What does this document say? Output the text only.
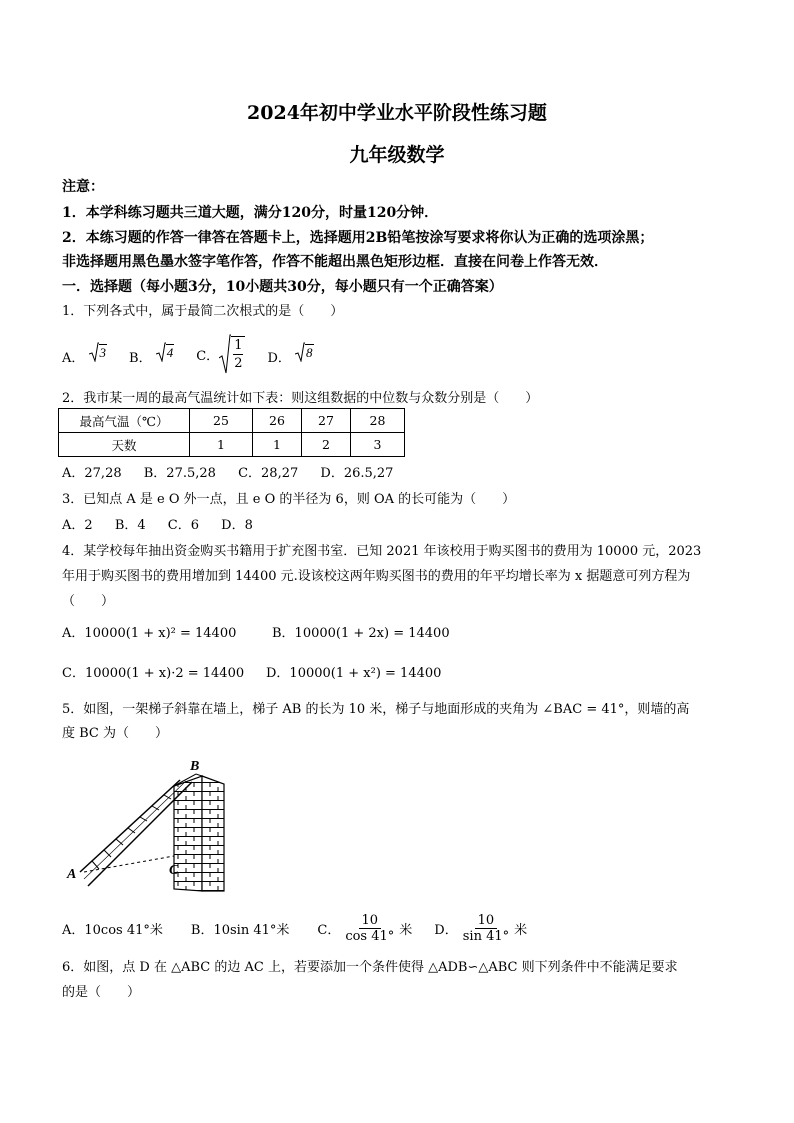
2024年初中学业水平阶段性练习题
九年级数学
注意：
1．本学科练习题共三道大题，满分120分，时量120分钟．
2．本练习题的作答一律答在答题卡上，选择题用2B铅笔按涂写要求将你认为正确的选项涂黑；
非选择题用黑色墨水签字笔作答，作答不能超出黑色矩形边框．直接在问卷上作答无效．
一．选择题（每小题3分，10小题共30分，每小题只有一个正确答案）
1．下列各式中，属于最简二次根式的是（　　）
A． 3 B． 4 C．
1
2 D． 8
2．我市某一周的最高气温统计如下表：则这组数据的中位数与众数分别是（　　）
最高气温（℃）	25	26	27	28
天数	1	1	2	3
A．27,28 B．27.5,28 C．28,27 D．26.5,27
3．已知点 A 是 e O 外一点，且 e O 的半径为 6，则 OA 的长可能为（　　）
A．2 B．4 C．6 D．8
4．某学校每年抽出资金购买书籍用于扩充图书室．已知 2021 年该校用于购买图书的费用为 10000 元，2023
年用于购买图书的费用增加到 14400 元.设该校这两年购买图书的费用的年平均增长率为 x 据题意可列方程为
（　　）
A．10000(1 + x)² = 14400	B．10000(1 + 2x) = 14400
C．10000(1 + x)·2 = 14400 D．10000(1 + x²) = 14400
5．如图，一架梯子斜靠在墙上，梯子 AB 的长为 10 米，梯子与地面形成的夹角为 ∠BAC = 41°，则墙的高
度 BC 为（　　）
A
B
C
A．10cos 41°米 B．10sin 41°米 C． $\frac{10}{\cos 41^\circ}$ 米 D． $\frac{10}{\sin 41^\circ}$ 米
6．如图，点 D 在 △ABC 的边 AC 上，若要添加一个条件使得 △ADB∽△ABC 则下列条件中不能满足要求
的是（　　）
